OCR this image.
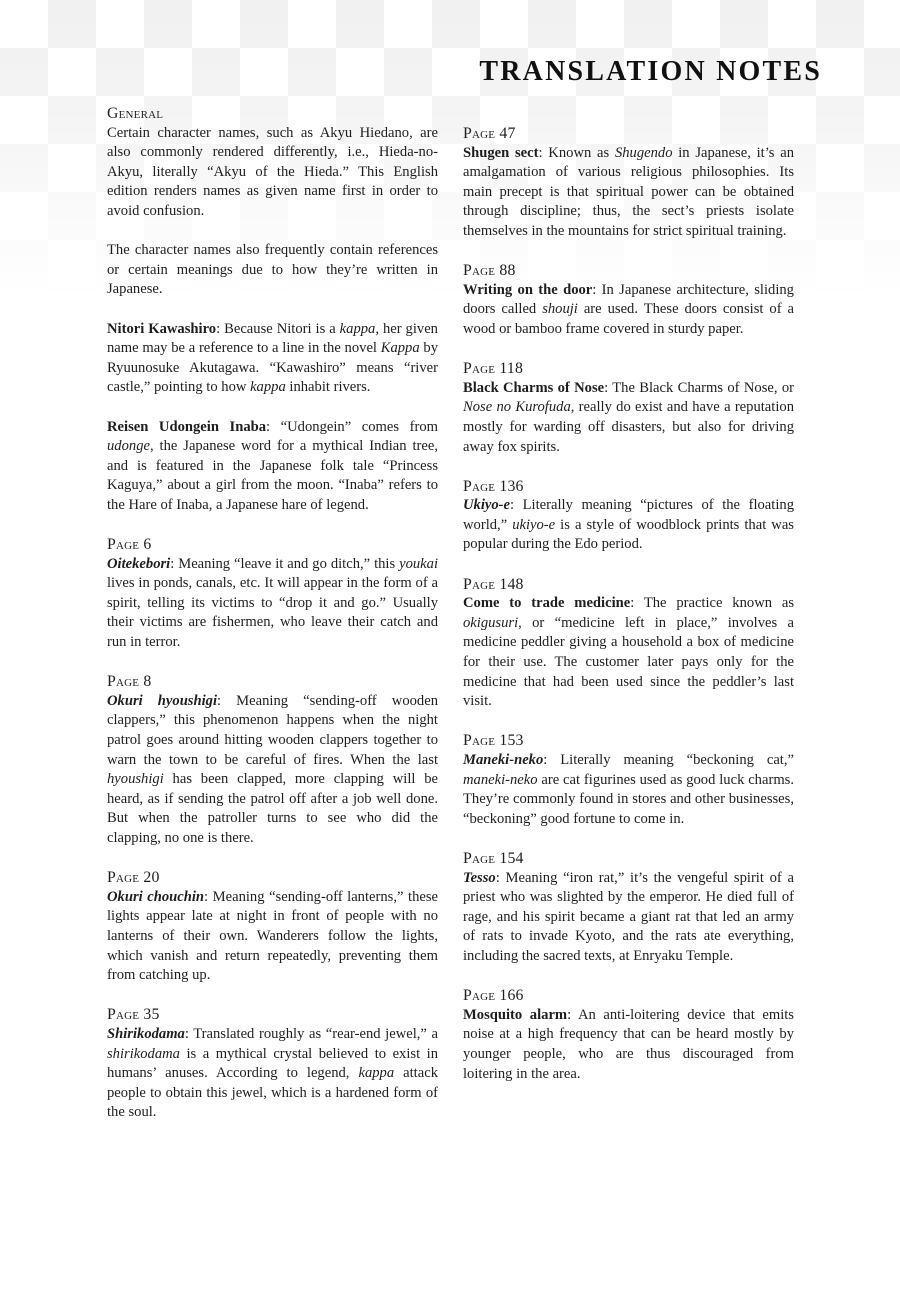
TRANSLATION NOTES
General

Certain character names, such as Akyu Hiedano, are also commonly rendered differently, i.e., Hieda-no-Akyu, literally “Akyu of the Hieda.” This English edition renders names as given name first in order to avoid confusion.

The character names also frequently contain references or certain meanings due to how they’re written in Japanese.

Nitori Kawashiro: Because Nitori is a kappa, her given name may be a reference to a line in the novel Kappa by Ryuunosuke Akutagawa. “Kawashiro” means “river castle,” pointing to how kappa inhabit rivers.

Reisen Udongein Inaba: “Udongein” comes from udonge, the Japanese word for a mythical Indian tree, and is featured in the Japanese folk tale “Princess Kaguya,” about a girl from the moon. “Inaba” refers to the Hare of Inaba, a Japanese hare of legend.

Page 6

Oitekebori: Meaning “leave it and go ditch,” this youkai lives in ponds, canals, etc. It will appear in the form of a spirit, telling its victims to “drop it and go.” Usually their victims are fishermen, who leave their catch and run in terror.

Page 8

Okuri hyoushigi: Meaning “sending-off wooden clappers,” this phenomenon happens when the night patrol goes around hitting wooden clappers together to warn the town to be careful of fires. When the last hyoushigi has been clapped, more clapping will be heard, as if sending the patrol off after a job well done. But when the patroller turns to see who did the clapping, no one is there.

Page 20

Okuri chouchin: Meaning “sending-off lanterns,” these lights appear late at night in front of people with no lanterns of their own. Wanderers follow the lights, which vanish and return repeatedly, preventing them from catching up.

Page 35

Shirikodama: Translated roughly as “rear-end jewel,” a shirikodama is a mythical crystal believed to exist in humans’ anuses. According to legend, kappa attack people to obtain this jewel, which is a hardened form of the soul.

Page 47

Shugen sect: Known as Shugendo in Japanese, it’s an amalgamation of various religious philosophies. Its main precept is that spiritual power can be obtained through discipline; thus, the sect’s priests isolate themselves in the mountains for strict spiritual training.

Page 88

Writing on the door: In Japanese architecture, sliding doors called shouji are used. These doors consist of a wood or bamboo frame covered in sturdy paper.

Page 118

Black Charms of Nose: The Black Charms of Nose, or Nose no Kurofuda, really do exist and have a reputation mostly for warding off disasters, but also for driving away fox spirits.

Page 136

Ukiyo-e: Literally meaning “pictures of the floating world,” ukiyo-e is a style of woodblock prints that was popular during the Edo period.

Page 148

Come to trade medicine: The practice known as okigusuri, or “medicine left in place,” involves a medicine peddler giving a household a box of medicine for their use. The customer later pays only for the medicine that had been used since the peddler’s last visit.

Page 153

Maneki-neko: Literally meaning “beckoning cat,” maneki-neko are cat figurines used as good luck charms. They’re commonly found in stores and other businesses, “beckoning” good fortune to come in.

Page 154

Tesso: Meaning “iron rat,” it’s the vengeful spirit of a priest who was slighted by the emperor. He died full of rage, and his spirit became a giant rat that led an army of rats to invade Kyoto, and the rats ate everything, including the sacred texts, at Enryaku Temple.

Page 166

Mosquito alarm: An anti-loitering device that emits noise at a high frequency that can be heard mostly by younger people, who are thus discouraged from loitering in the area.
